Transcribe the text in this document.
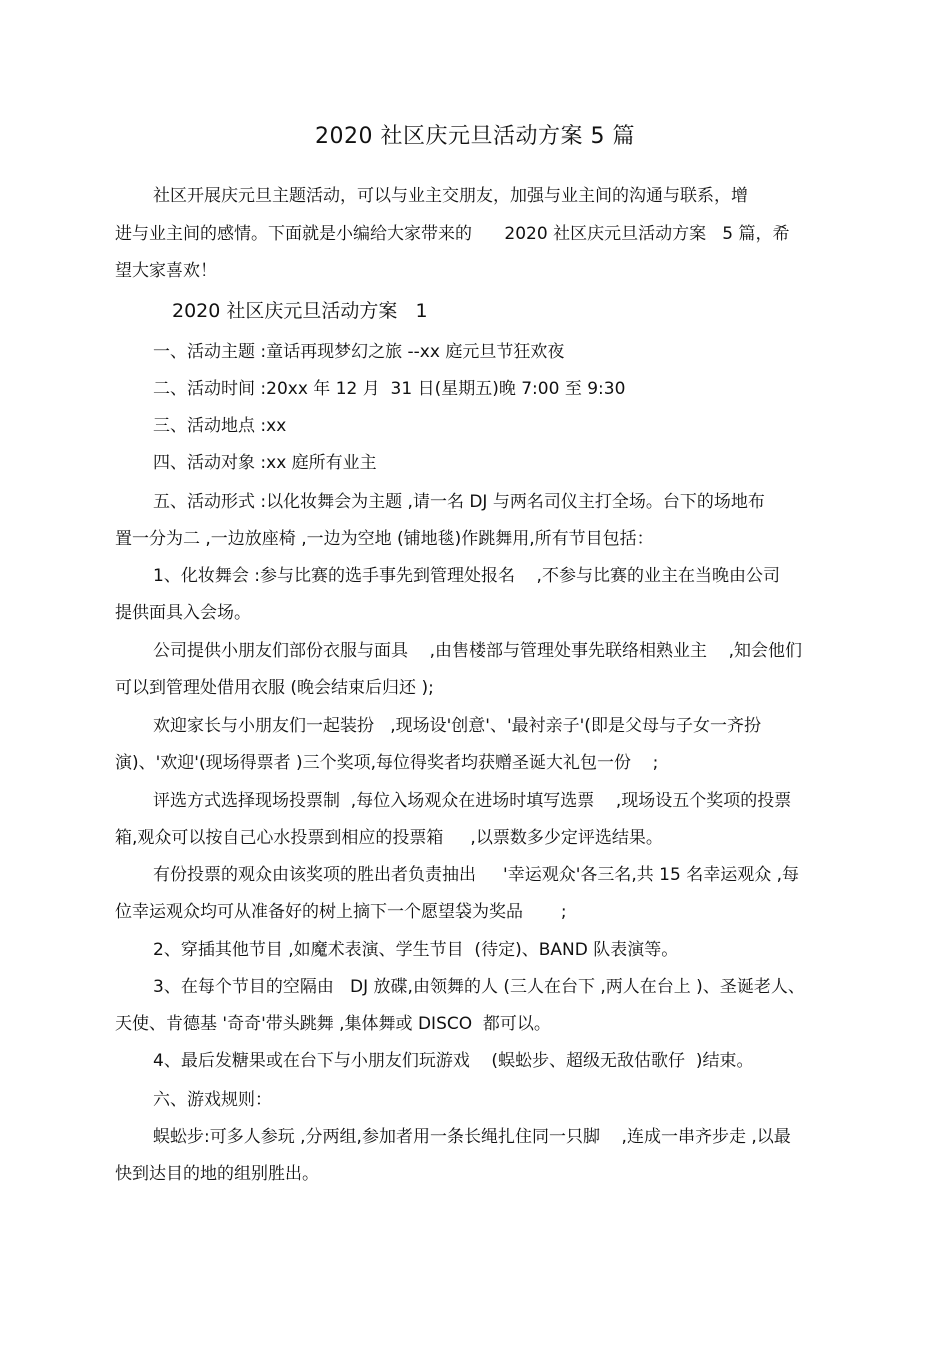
2020 社区庆元旦活动方案 5 篇
社区开展庆元旦主题活动，可以与业主交朋友，加强与业主间的沟通与联系，增
进与业主间的感情。下面就是小编给大家带来的      2020 社区庆元旦活动方案   5 篇，希
望大家喜欢！
2020 社区庆元旦活动方案   1
一、活动主题 :童话再现梦幻之旅 --xx 庭元旦节狂欢夜
二、活动时间 :20xx 年 12 月  31 日(星期五)晚 7:00 至 9:30
三、活动地点 :xx
四、活动对象 :xx 庭所有业主
五、活动形式 :以化妆舞会为主题 ,请一名 DJ 与两名司仪主打全场。台下的场地布
置一分为二 ,一边放座椅 ,一边为空地 (铺地毯)作跳舞用,所有节目包括：
1、化妆舞会 :参与比赛的选手事先到管理处报名    ,不参与比赛的业主在当晚由公司
提供面具入会场。
公司提供小朋友们部份衣服与面具    ,由售楼部与管理处事先联络相熟业主    ,知会他们
可以到管理处借用衣服 (晚会结束后归还 );
欢迎家长与小朋友们一起装扮   ,现场设'创意'、'最衬亲子'(即是父母与子女一齐扮
演)、'欢迎'(现场得票者 )三个奖项,每位得奖者均获赠圣诞大礼包一份    ;
评选方式选择现场投票制  ,每位入场观众在进场时填写选票    ,现场设五个奖项的投票
箱,观众可以按自己心水投票到相应的投票箱     ,以票数多少定评选结果。
有份投票的观众由该奖项的胜出者负责抽出     '幸运观众'各三名,共 15 名幸运观众 ,每
位幸运观众均可从准备好的树上摘下一个愿望袋为奖品       ;
2、穿插其他节目 ,如魔术表演、学生节目  (待定)、BAND 队表演等。
3、在每个节目的空隔由   DJ 放碟,由领舞的人 (三人在台下 ,两人在台上 )、圣诞老人、
天使、肯德基 '奇奇'带头跳舞 ,集体舞或 DISCO  都可以。
4、最后发糖果或在台下与小朋友们玩游戏    (蜈蚣步、超级无敌估歌仔  )结束。
六、游戏规则：
蜈蚣步:可多人参玩 ,分两组,参加者用一条长绳扎住同一只脚    ,连成一串齐步走 ,以最
快到达目的地的组别胜出。
